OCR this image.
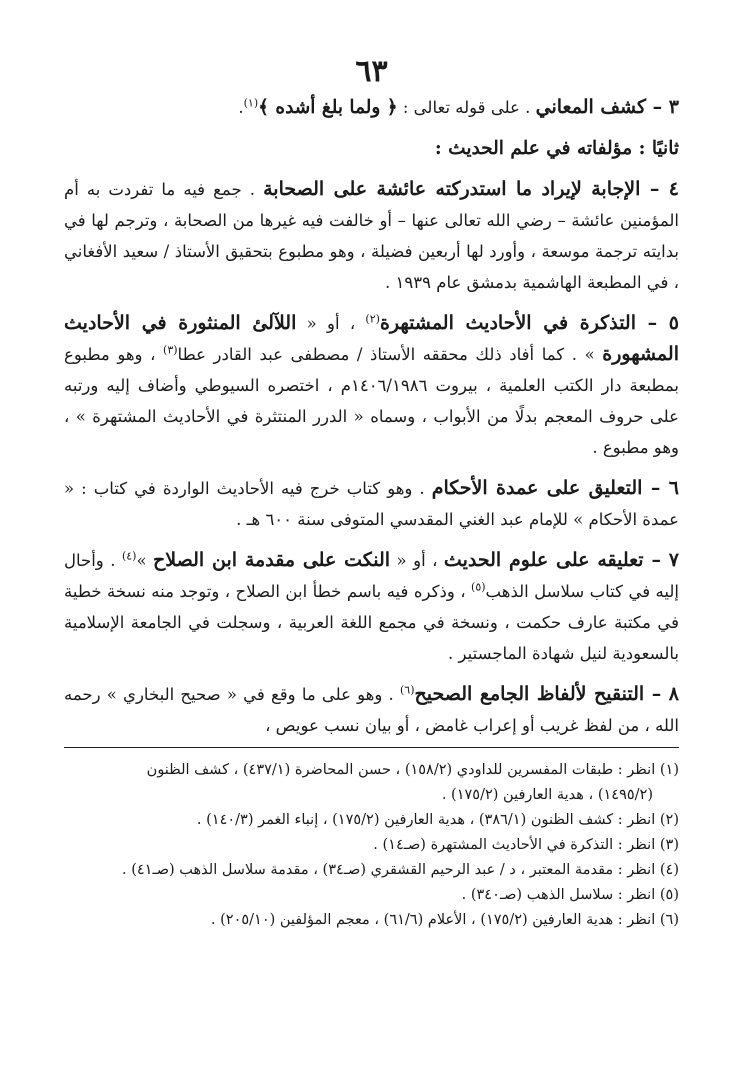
٦٣

٣ – كشف المعاني . على قوله تعالى : ﴿ ولما بلغ أشده ﴾$^{(١)}$.

ثانيًا : مؤلفاته في علم الحديث :

٤ – الإجابة لإيراد ما استدركته عائشة على الصحابة . جمع فيه ما تفردت به أم المؤمنين عائشة – رضي الله تعالى عنها – أو خالفت فيه غيرها من الصحابة ، وترجم لها في بدايته ترجمة موسعة ، وأورد لها أربعين فضيلة ، وهو مطبوع بتحقيق الأستاذ / سعيد الأفغاني ، في المطبعة الهاشمية بدمشق عام ١٩٣٩ .

٥ – التذكرة في الأحاديث المشتهرة$^{(٢)}$ ، أو « اللآلئ المنثورة في الأحاديث المشهورة » . كما أفاد ذلك محققه الأستاذ / مصطفى عبد القادر عطا$^{(٣)}$ ، وهو مطبوع بمطبعة دار الكتب العلمية ، بيروت ١٤٠٦/١٩٨٦م ، اختصره السيوطي وأضاف إليه ورتبه على حروف المعجم بدلًا من الأبواب ، وسماه « الدرر المنتثرة في الأحاديث المشتهرة » ، وهو مطبوع .

٦ – التعليق على عمدة الأحكام . وهو كتاب خرج فيه الأحاديث الواردة في كتاب : « عمدة الأحكام » للإمام عبد الغني المقدسي المتوفى سنة ٦٠٠ هـ .

٧ – تعليقه على علوم الحديث ، أو « النكت على مقدمة ابن الصلاح »$^{(٤)}$ . وأحال إليه في كتاب سلاسل الذهب$^{(٥)}$ ، وذكره فيه باسم خطأ ابن الصلاح ، وتوجد منه نسخة خطية في مكتبة عارف حكمت ، ونسخة في مجمع اللغة العربية ، وسجلت في الجامعة الإسلامية بالسعودية لنيل شهادة الماجستير .

٨ – التنقيح لألفاظ الجامع الصحيح$^{(٦)}$ . وهو على ما وقع في « صحيح البخاري » رحمه الله ، من لفظ غريب أو إعراب غامض ، أو بيان نسب عويص ،

(١) انظر : طبقات المفسرين للداودي (١٥٨/٢) ، حسن المحاضرة (٤٣٧/١) ، كشف الظنون
(١٤٩٥/٢) ، هدية العارفين (١٧٥/٢) .

(٢) انظر : كشف الظنون (٣٨٦/١) ، هدية العارفين (١٧٥/٢) ، إنباء الغمر (١٤٠/٣) .

(٣) انظر : التذكرة في الأحاديث المشتهرة (صـ١٤) .

(٤) انظر : مقدمة المعتبر ، د / عبد الرحيم القشقري (صـ٣٤) ، مقدمة سلاسل الذهب (صـ٤١) .

(٥) انظر : سلاسل الذهب (صـ٣٤٠) .

(٦) انظر : هدية العارفين (١٧٥/٢) ، الأعلام (٦١/٦) ، معجم المؤلفين (٢٠٥/١٠) .
